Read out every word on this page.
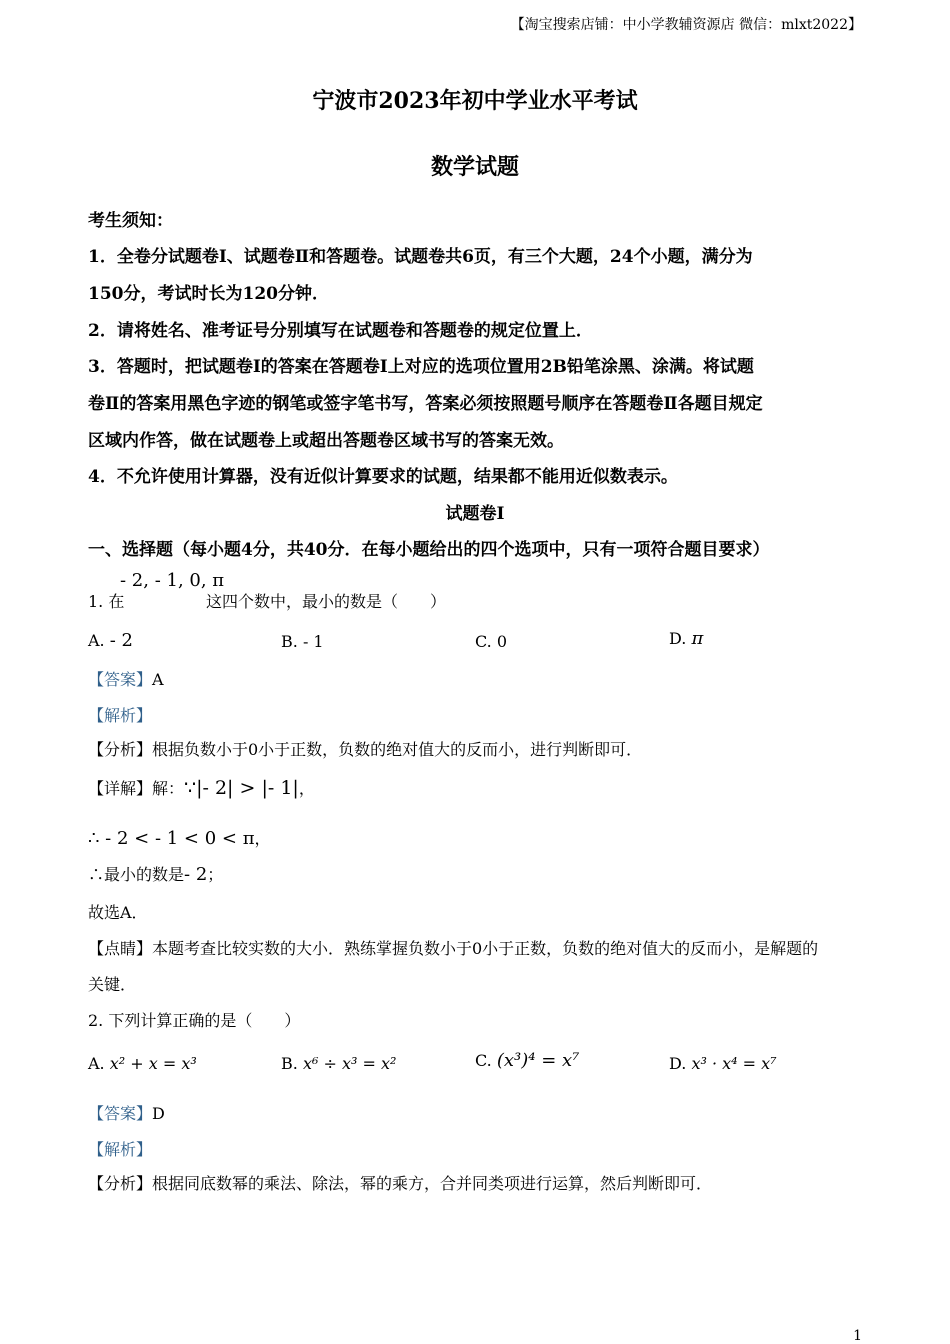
【淘宝搜索店铺：中小学教辅资源店 微信：mlxt2022】
宁波市2023年初中学业水平考试
数学试题
考生须知：
1．全卷分试题卷Ⅰ、试题卷Ⅱ和答题卷。试题卷共6页，有三个大题，24个小题，满分为
150分，考试时长为120分钟．
2．请将姓名、准考证号分别填写在试题卷和答题卷的规定位置上．
3．答题时，把试题卷Ⅰ的答案在答题卷Ⅰ上对应的选项位置用2B铅笔涂黑、涂满。将试题
卷Ⅱ的答案用黑色字迹的钢笔或签字笔书写，答案必须按照题号顺序在答题卷Ⅱ各题目规定
区域内作答，做在试题卷上或超出答题卷区域书写的答案无效。
4．不允许使用计算器，没有近似计算要求的试题，结果都不能用近似数表示。
试题卷Ⅰ
一、选择题（每小题4分，共40分．在每小题给出的四个选项中，只有一项符合题目要求）
- 2, - 1, 0, π
1. 在	这四个数中，最小的数是（　　）
A. - 2	B. - 1	C. 0	D. π
【答案】A
【解析】
【分析】根据负数小于0小于正数，负数的绝对值大的反而小，进行判断即可．
【详解】解：∵|- 2| > |- 1|，
∴ - 2 < - 1 < 0 < π，
∴最小的数是- 2；
故选A．
【点睛】本题考查比较实数的大小．熟练掌握负数小于0小于正数，负数的绝对值大的反而小，是解题的
关键．
2. 下列计算正确的是（　　）
A. x² + x = x³	B. x⁶ ÷ x³ = x²	C. (x³)⁴ = x⁷	D. x³ · x⁴ = x⁷
【答案】D
【解析】
【分析】根据同底数幂的乘法、除法，幂的乘方，合并同类项进行运算，然后判断即可．
1
